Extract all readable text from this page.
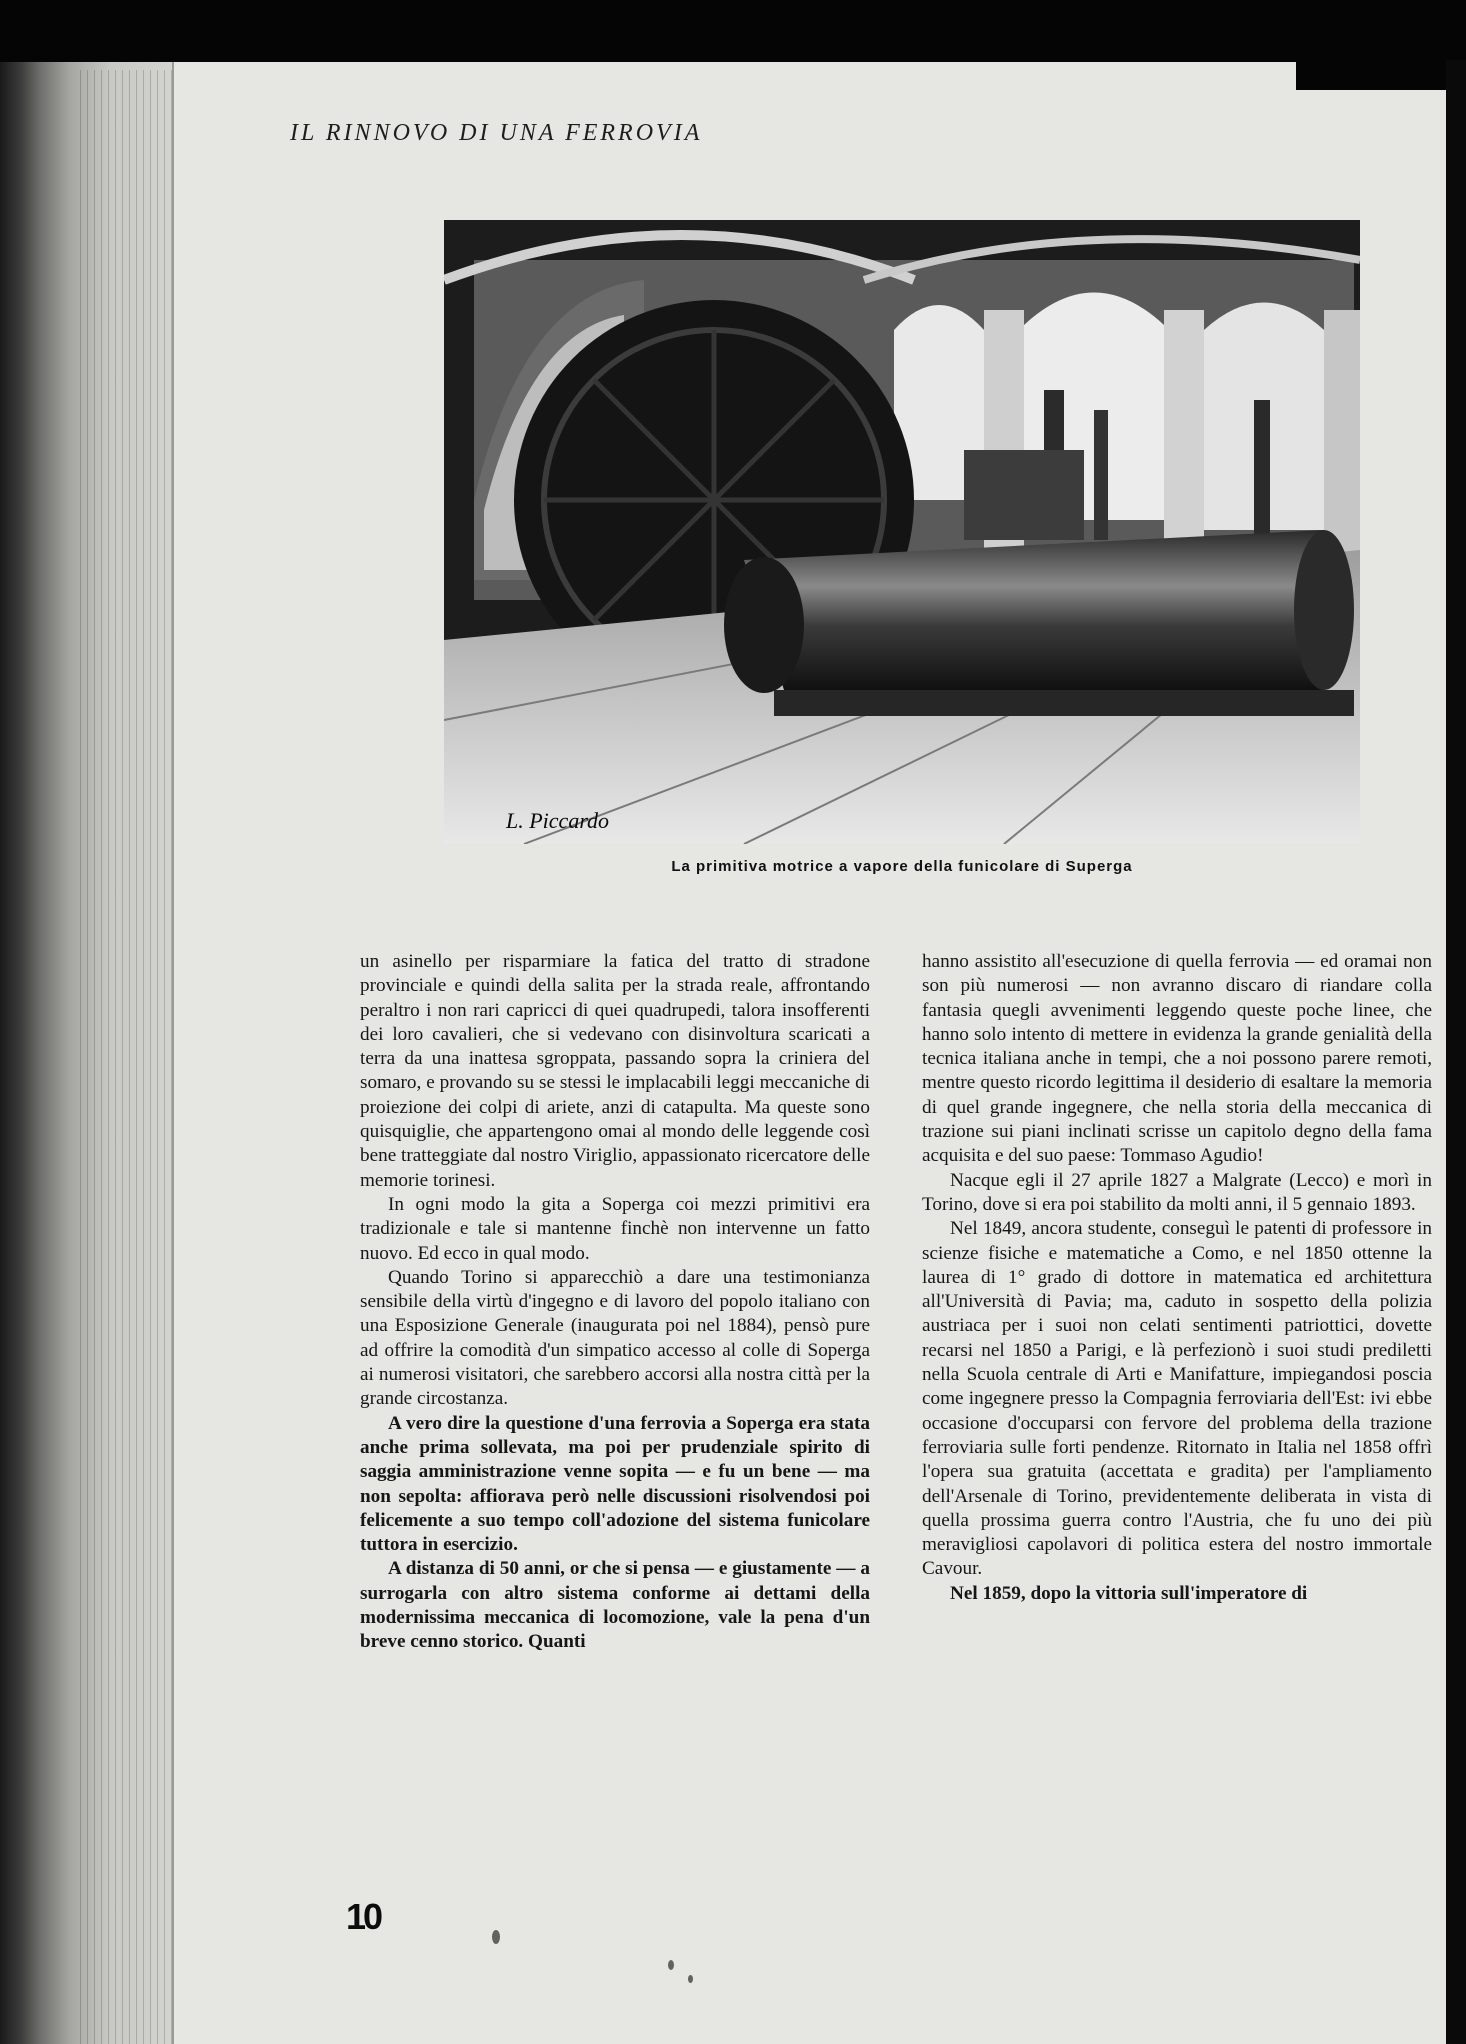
IL RINNOVO DI UNA FERROVIA
L. Piccardo
La primitiva motrice a vapore della funicolare di Superga

un asinello per risparmiare la fatica del tratto di stradone provinciale e quindi della salita per la strada reale, affrontando peraltro i non rari capricci di quei quadrupedi, talora insofferenti dei loro cavalieri, che si vedevano con disinvoltura scaricati a terra da una inattesa sgroppata, passando sopra la criniera del somaro, e provando su se stessi le implacabili leggi meccaniche di proiezione dei colpi di ariete, anzi di catapulta. Ma queste sono quisquiglie, che appartengono omai al mondo delle leggende così bene tratteggiate dal nostro Viriglio, appassionato ricercatore delle memorie torinesi.

In ogni modo la gita a Soperga coi mezzi primitivi era tradizionale e tale si mantenne finchè non intervenne un fatto nuovo. Ed ecco in qual modo.

Quando Torino si apparecchiò a dare una testimonianza sensibile della virtù d'ingegno e di lavoro del popolo italiano con una Esposizione Generale (inaugurata poi nel 1884), pensò pure ad offrire la comodità d'un simpatico accesso al colle di Soperga ai numerosi visitatori, che sarebbero accorsi alla nostra città per la grande circostanza.

A vero dire la questione d'una ferrovia a Soperga era stata anche prima sollevata, ma poi per prudenziale spirito di saggia amministrazione venne sopita — e fu un bene — ma non sepolta: affiorava però nelle discussioni risolvendosi poi felicemente a suo tempo coll'adozione del sistema funicolare tuttora in esercizio.

A distanza di 50 anni, or che si pensa — e giustamente — a surrogarla con altro sistema conforme ai dettami della modernissima meccanica di locomozione, vale la pena d'un breve cenno storico. Quanti

hanno assistito all'esecuzione di quella ferrovia — ed oramai non son più numerosi — non avranno discaro di riandare colla fantasia quegli avvenimenti leggendo queste poche linee, che hanno solo intento di mettere in evidenza la grande genialità della tecnica italiana anche in tempi, che a noi possono parere remoti, mentre questo ricordo legittima il desiderio di esaltare la memoria di quel grande ingegnere, che nella storia della meccanica di trazione sui piani inclinati scrisse un capitolo degno della fama acquisita e del suo paese: Tommaso Agudio!

Nacque egli il 27 aprile 1827 a Malgrate (Lecco) e morì in Torino, dove si era poi stabilito da molti anni, il 5 gennaio 1893.

Nel 1849, ancora studente, conseguì le patenti di professore in scienze fisiche e matematiche a Como, e nel 1850 ottenne la laurea di 1° grado di dottore in matematica ed architettura all'Università di Pavia; ma, caduto in sospetto della polizia austriaca per i suoi non celati sentimenti patriottici, dovette recarsi nel 1850 a Parigi, e là perfezionò i suoi studi prediletti nella Scuola centrale di Arti e Manifatture, impiegandosi poscia come ingegnere presso la Compagnia ferroviaria dell'Est: ivi ebbe occasione d'occuparsi con fervore del problema della trazione ferroviaria sulle forti pendenze. Ritornato in Italia nel 1858 offrì l'opera sua gratuita (accettata e gradita) per l'ampliamento dell'Arsenale di Torino, previdentemente deliberata in vista di quella prossima guerra contro l'Austria, che fu uno dei più meravigliosi capolavori di politica estera del nostro immortale Cavour.

Nel 1859, dopo la vittoria sull'imperatore di

10
